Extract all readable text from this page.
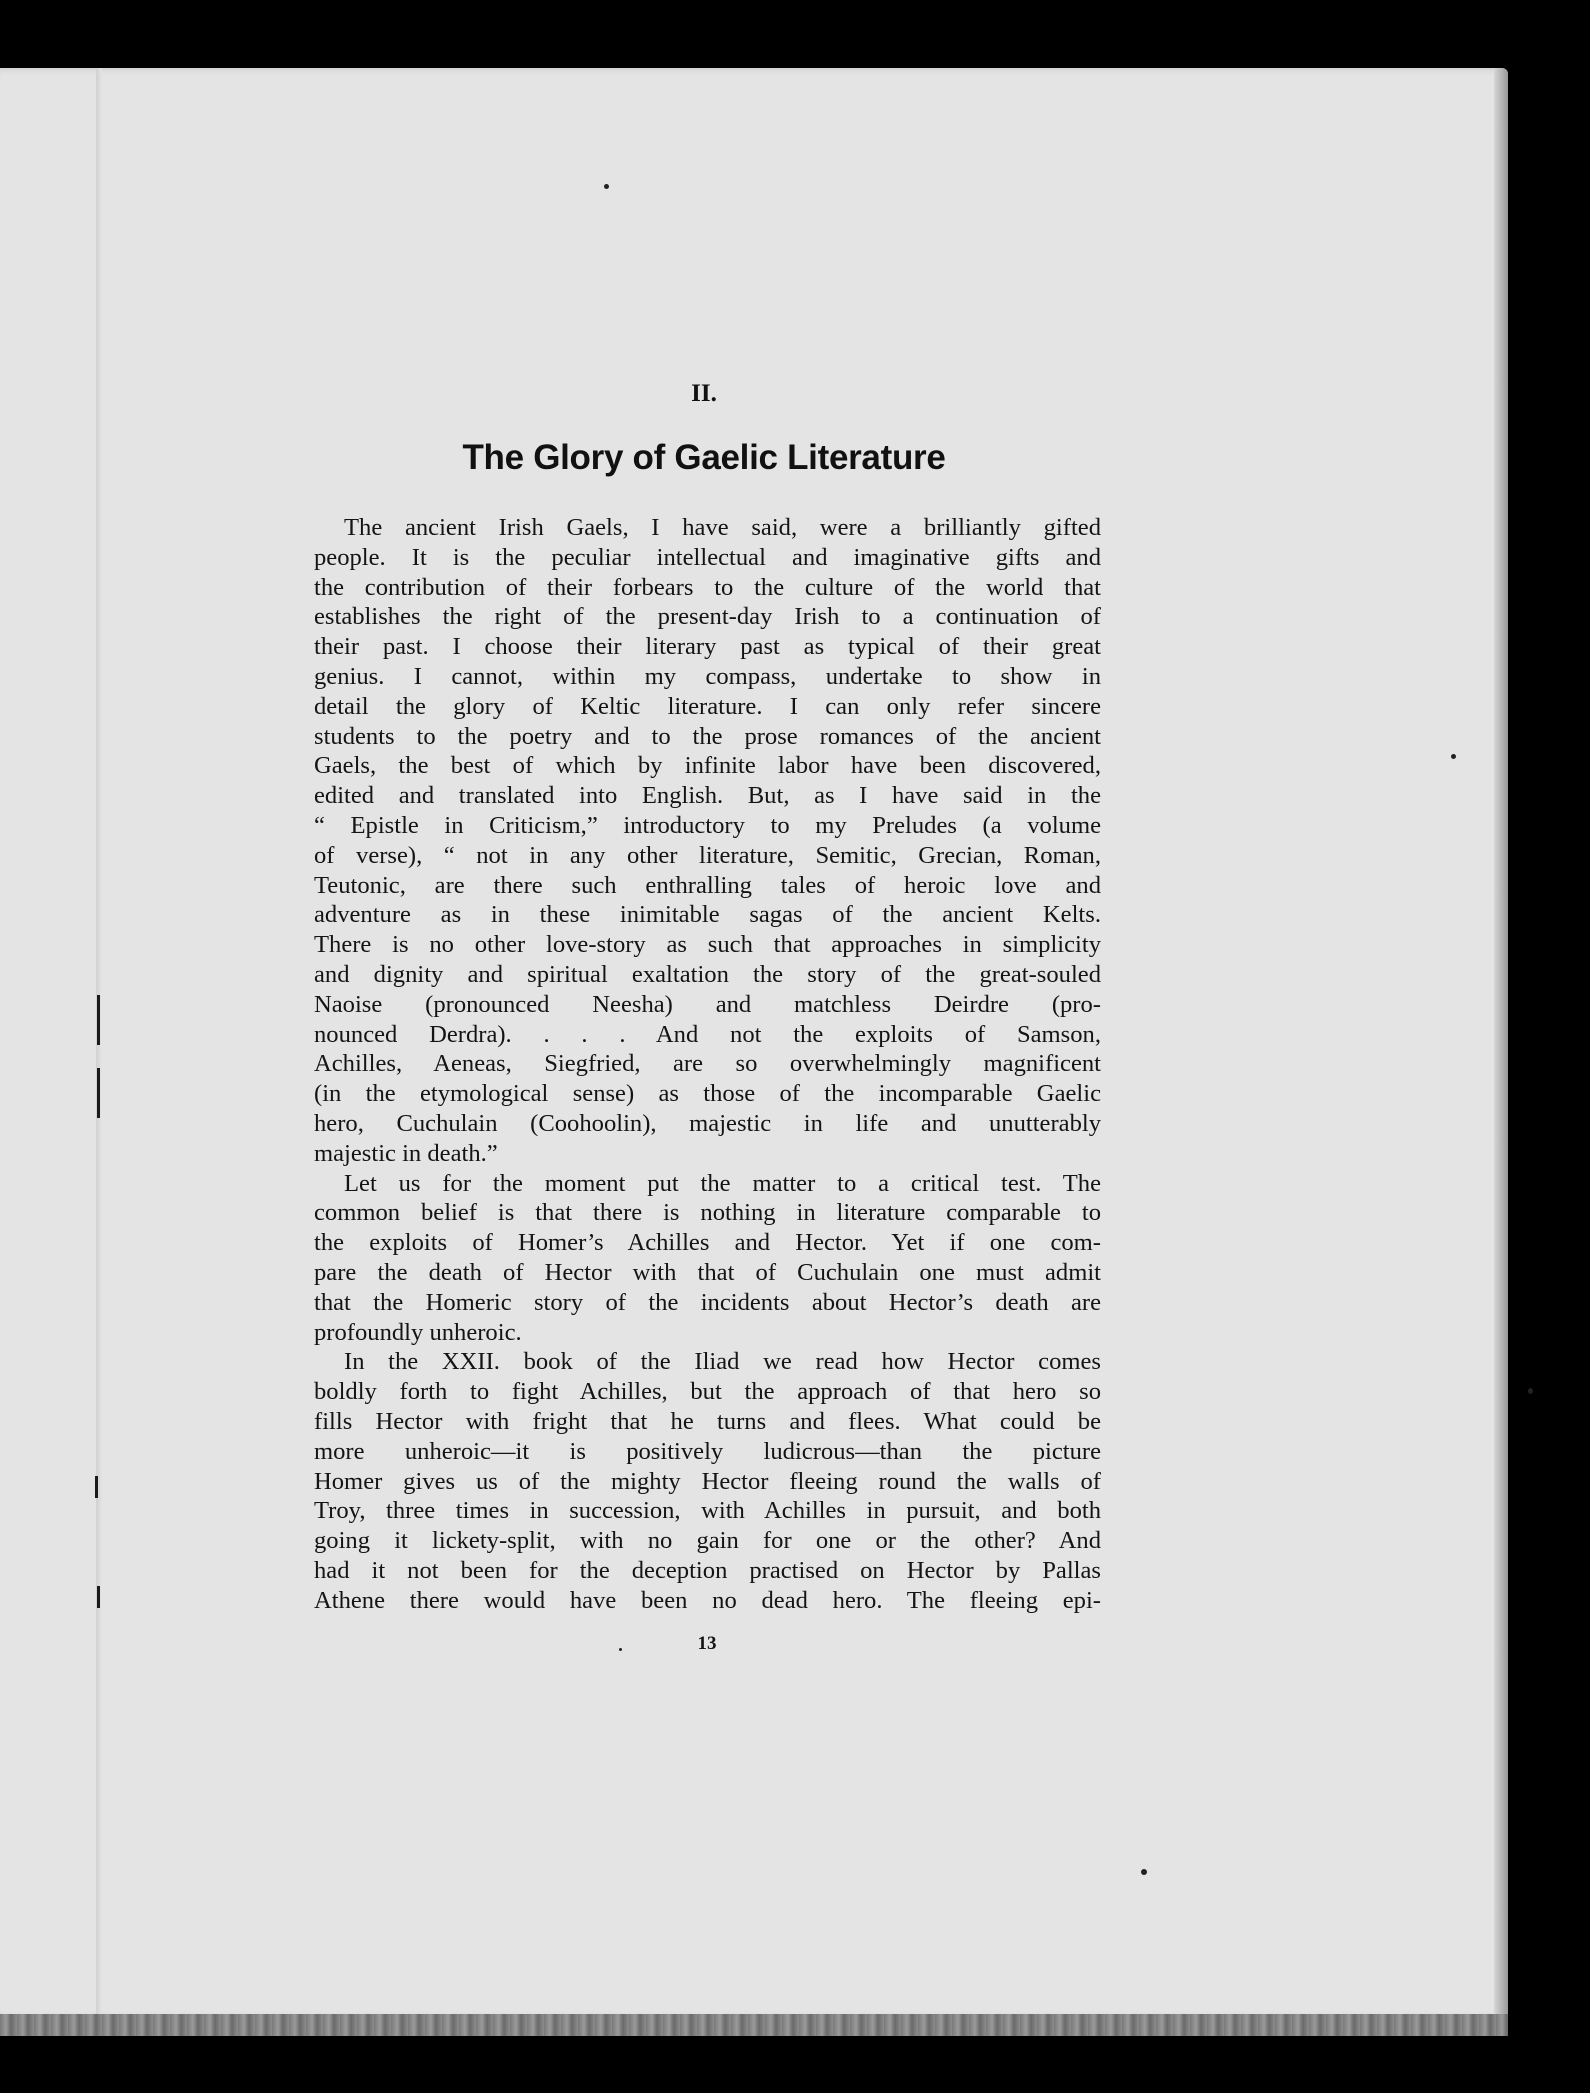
II.
The Glory of Gaelic Literature
The ancient Irish Gaels, I have said, were a brilliantly gifted
people. It is the peculiar intellectual and imaginative gifts and
the contribution of their forbears to the culture of the world that
establishes the right of the present-day Irish to a continuation of
their past. I choose their literary past as typical of their great
genius. I cannot, within my compass, undertake to show in
detail the glory of Keltic literature. I can only refer sincere
students to the poetry and to the prose romances of the ancient
Gaels, the best of which by infinite labor have been discovered,
edited and translated into English. But, as I have said in the
“ Epistle in Criticism,” introductory to my Preludes (a volume
of verse), “ not in any other literature, Semitic, Grecian, Roman,
Teutonic, are there such enthralling tales of heroic love and
adventure as in these inimitable sagas of the ancient Kelts.
There is no other love-story as such that approaches in simplicity
and dignity and spiritual exaltation the story of the great-souled
Naoise (pronounced Neesha) and matchless Deirdre (pro-
nounced Derdra). . . . And not the exploits of Samson,
Achilles, Aeneas, Siegfried, are so overwhelmingly magnificent
(in the etymological sense) as those of the incomparable Gaelic
hero, Cuchulain (Coohoolin), majestic in life and unutterably
majestic in death.”
Let us for the moment put the matter to a critical test. The
common belief is that there is nothing in literature comparable to
the exploits of Homer’s Achilles and Hector. Yet if one com-
pare the death of Hector with that of Cuchulain one must admit
that the Homeric story of the incidents about Hector’s death are
profoundly unheroic.
In the XXII. book of the Iliad we read how Hector comes
boldly forth to fight Achilles, but the approach of that hero so
fills Hector with fright that he turns and flees. What could be
more unheroic—it is positively ludicrous—than the picture
Homer gives us of the mighty Hector fleeing round the walls of
Troy, three times in succession, with Achilles in pursuit, and both
going it lickety-split, with no gain for one or the other? And
had it not been for the deception practised on Hector by Pallas
Athene there would have been no dead hero. The fleeing epi-
13
